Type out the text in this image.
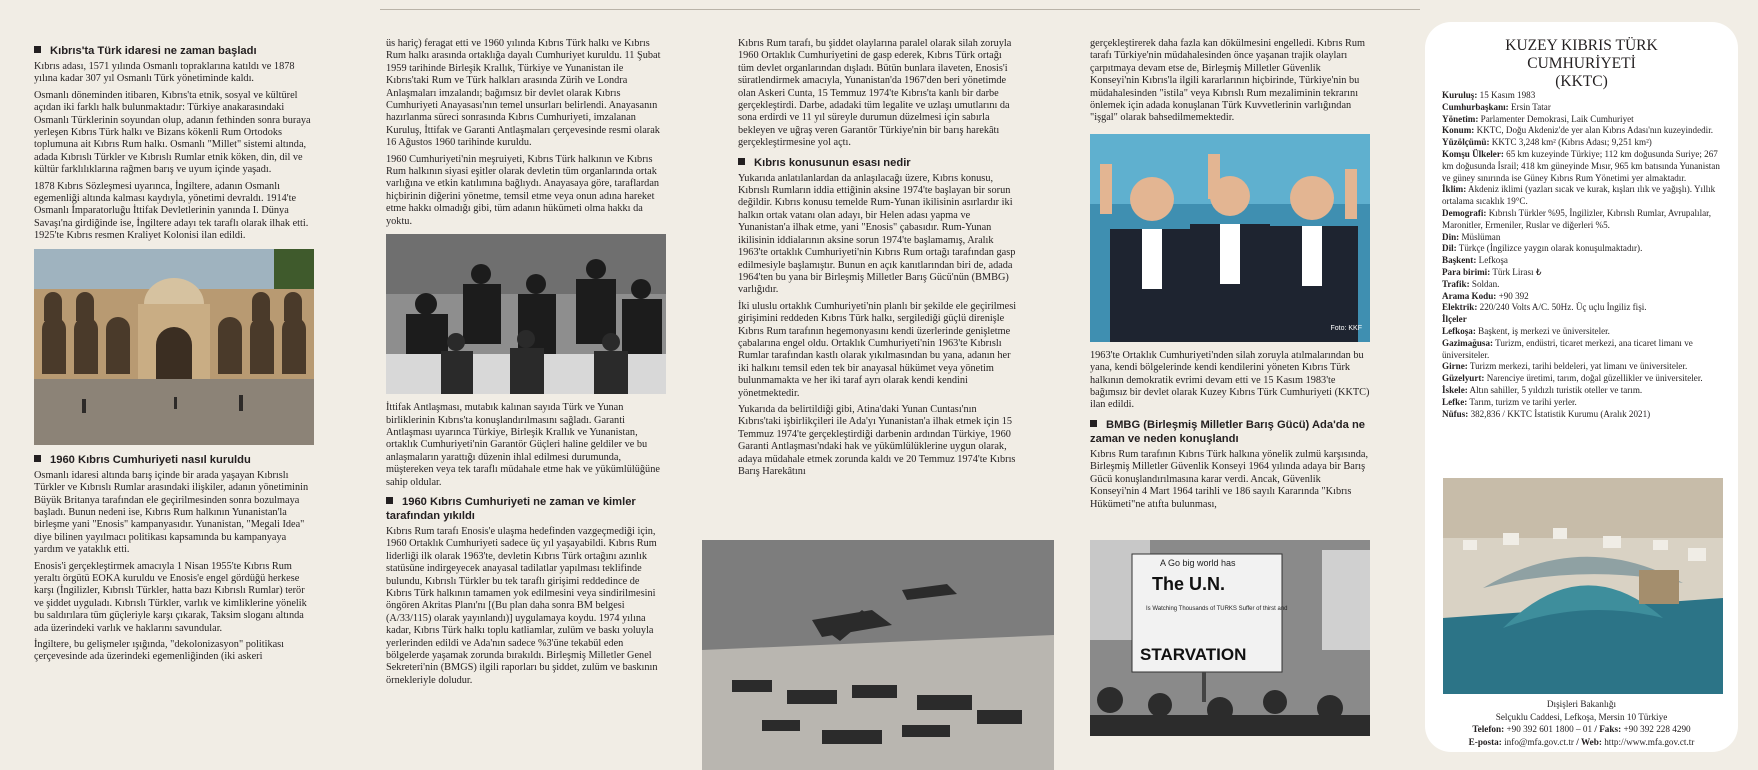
Kıbrıs'ta Türk idaresi ne zaman başladı

Kıbrıs adası, 1571 yılında Osmanlı topraklarına katıldı ve 1878 yılına kadar 307 yıl Osmanlı Türk yönetiminde kaldı.

Osmanlı döneminden itibaren, Kıbrıs'ta etnik, sosyal ve kültürel açıdan iki farklı halk bulunmaktadır: Türkiye anakarasındaki Osmanlı Türklerinin soyundan olup, adanın fethinden sonra buraya yerleşen Kıbrıs Türk halkı ve Bizans kökenli Rum Ortodoks toplumuna ait Kıbrıs Rum halkı. Osmanlı "Millet" sistemi altında, adada Kıbrıslı Türkler ve Kıbrıslı Rumlar etnik köken, din, dil ve kültür farklılıklarına rağmen barış ve uyum içinde yaşadı.

1878 Kıbrıs Sözleşmesi uyarınca, İngiltere, adanın Osmanlı egemenliği altında kalması kaydıyla, yönetimi devraldı. 1914'te Osmanlı İmparatorluğu İttifak Devletlerinin yanında I. Dünya Savaşı'na girdiğinde ise, İngiltere adayı tek taraflı olarak ilhak etti. 1925'te Kıbrıs resmen Kraliyet Kolonisi ilan edildi.

1960 Kıbrıs Cumhuriyeti nasıl kuruldu

Osmanlı idaresi altında barış içinde bir arada yaşayan Kıbrıslı Türkler ve Kıbrıslı Rumlar arasındaki ilişkiler, adanın yönetiminin Büyük Britanya tarafından ele geçirilmesinden sonra bozulmaya başladı. Bunun nedeni ise, Kıbrıs Rum halkının Yunanistan'la birleşme yani "Enosis" kampanyasıdır. Yunanistan, "Megali Idea" diye bilinen yayılmacı politikası kapsamında bu kampanyaya yardım ve yataklık etti.

Enosis'i gerçekleştirmek amacıyla 1 Nisan 1955'te Kıbrıs Rum yeraltı örgütü EOKA kuruldu ve Enosis'e engel gördüğü herkese karşı (İngilizler, Kıbrıslı Türkler, hatta bazı Kıbrıslı Rumlar) terör ve şiddet uyguladı. Kıbrıslı Türkler, varlık ve kimliklerine yönelik bu saldırılara tüm güçleriyle karşı çıkarak, Taksim sloganı altında ada üzerindeki varlık ve haklarını savundular.

İngiltere, bu gelişmeler ışığında, "dekolonizasyon" politikası çerçevesinde ada üzerindeki egemenliğinden (iki askeri

üs hariç) feragat etti ve 1960 yılında Kıbrıs Türk halkı ve Kıbrıs Rum halkı arasında ortaklığa dayalı Cumhuriyet kuruldu. 11 Şubat 1959 tarihinde Birleşik Krallık, Türkiye ve Yunanistan ile Kıbrıs'taki Rum ve Türk halkları arasında Zürih ve Londra Anlaşmaları imzalandı; bağımsız bir devlet olarak Kıbrıs Cumhuriyeti Anayasası'nın temel unsurları belirlendi. Anayasanın hazırlanma süreci sonrasında Kıbrıs Cumhuriyeti, imzalanan Kuruluş, İttifak ve Garanti Antlaşmaları çerçevesinde resmi olarak 16 Ağustos 1960 tarihinde kuruldu.

1960 Cumhuriyeti'nin meşruiyeti, Kıbrıs Türk halkının ve Kıbrıs Rum halkının siyasi eşitler olarak devletin tüm organlarında ortak varlığına ve etkin katılımına bağlıydı. Anayasaya göre, taraflardan hiçbirinin diğerini yönetme, temsil etme veya onun adına hareket etme hakkı olmadığı gibi, tüm adanın hükümeti olma hakkı da yoktu.

İttifak Antlaşması, mutabık kalınan sayıda Türk ve Yunan birliklerinin Kıbrıs'ta konuşlandırılmasını sağladı. Garanti Antlaşması uyarınca Türkiye, Birleşik Krallık ve Yunanistan, ortaklık Cumhuriyeti'nin Garantör Güçleri haline geldiler ve bu anlaşmaların yarattığı düzenin ihlal edilmesi durumunda, müştereken veya tek taraflı müdahale etme hak ve yükümlülüğüne sahip oldular.

1960 Kıbrıs Cumhuriyeti ne zaman ve kimler tarafından yıkıldı

Kıbrıs Rum tarafı Enosis'e ulaşma hedefinden vazgeçmediği için, 1960 Ortaklık Cumhuriyeti sadece üç yıl yaşayabildi. Kıbrıs Rum liderliği ilk olarak 1963'te, devletin Kıbrıs Türk ortağını azınlık statüsüne indirgeyecek anayasal tadilatlar yapılması teklifinde bulundu, Kıbrıslı Türkler bu tek taraflı girişimi reddedince de Kıbrıs Türk halkının tamamen yok edilmesini veya sindirilmesini öngören Akritas Planı'nı [(Bu plan daha sonra BM belgesi (A/33/115) olarak yayınlandı)] uygulamaya koydu. 1974 yılına kadar, Kıbrıs Türk halkı toplu katliamlar, zulüm ve baskı yoluyla yerlerinden edildi ve Ada'nın sadece %3'üne tekabül eden bölgelerde yaşamak zorunda bırakıldı. Birleşmiş Milletler Genel Sekreteri'nin (BMGS) ilgili raporları bu şiddet, zulüm ve baskının örnekleriyle doludur.

Kıbrıs Rum tarafı, bu şiddet olaylarına paralel olarak silah zoruyla 1960 Ortaklık Cumhuriyetini de gasp ederek, Kıbrıs Türk ortağı tüm devlet organlarından dışladı. Bütün bunlara ilaveten, Enosis'i süratlendirmek amacıyla, Yunanistan'da 1967'den beri yönetimde olan Askeri Cunta, 15 Temmuz 1974'te Kıbrıs'ta kanlı bir darbe gerçekleştirdi. Darbe, adadaki tüm legalite ve uzlaşı umutlarını da sona erdirdi ve 11 yıl süreyle durumun düzelmesi için sabırla bekleyen ve uğraş veren Garantör Türkiye'nin bir barış harekâtı gerçekleştirmesine yol açtı.

Kıbrıs konusunun esası nedir

Yukarıda anlatılanlardan da anlaşılacağı üzere, Kıbrıs konusu, Kıbrıslı Rumların iddia ettiğinin aksine 1974'te başlayan bir sorun değildir. Kıbrıs konusu temelde Rum-Yunan ikilisinin asırlardır iki halkın ortak vatanı olan adayı, bir Helen adası yapma ve Yunanistan'a ilhak etme, yani "Enosis" çabasıdır. Rum-Yunan ikilisinin iddialarının aksine sorun 1974'te başlamamış, Aralık 1963'te ortaklık Cumhuriyeti'nin Kıbrıs Rum ortağı tarafından gasp edilmesiyle başlamıştır. Bunun en açık kanıtlarından biri de, adada 1964'ten bu yana bir Birleşmiş Milletler Barış Gücü'nün (BMBG) varlığıdır.

İki uluslu ortaklık Cumhuriyeti'nin planlı bir şekilde ele geçirilmesi girişimini reddeden Kıbrıs Türk halkı, sergilediği güçlü direnişle Kıbrıs Rum tarafının hegemonyasını kendi üzerlerinde genişletme çabalarına engel oldu. Ortaklık Cumhuriyeti'nin 1963'te Kıbrıslı Rumlar tarafından kastlı olarak yıkılmasından bu yana, adanın her iki halkını temsil eden tek bir anayasal hükümet veya yönetim bulunmamakta ve her iki taraf ayrı olarak kendi kendini yönetmektedir.

Yukarıda da belirtildiği gibi, Atina'daki Yunan Cuntası'nın Kıbrıs'taki işbirlikçileri ile Ada'yı Yunanistan'a ilhak etmek için 15 Temmuz 1974'te gerçekleştirdiği darbenin ardından Türkiye, 1960 Garanti Antlaşması'ndaki hak ve yükümlülüklerine uygun olarak, adaya müdahale etmek zorunda kaldı ve 20 Temmuz 1974'te Kıbrıs Barış Harekâtını

gerçekleştirerek daha fazla kan dökülmesini engelledi. Kıbrıs Rum tarafı Türkiye'nin müdahalesinden önce yaşanan trajik olayları çarpıtmaya devam etse de, Birleşmiş Milletler Güvenlik Konseyi'nin Kıbrıs'la ilgili kararlarının hiçbirinde, Türkiye'nin bu müdahalesinden "istila" veya Kıbrıslı Rum mezaliminin tekrarını önlemek için adada konuşlanan Türk Kuvvetlerinin varlığından "işgal" olarak bahsedilmemektedir.

Foto: KKF

1963'te Ortaklık Cumhuriyeti'nden silah zoruyla atılmalarından bu yana, kendi bölgelerinde kendi kendilerini yöneten Kıbrıs Türk halkının demokratik evrimi devam etti ve 15 Kasım 1983'te bağımsız bir devlet olarak Kuzey Kıbrıs Türk Cumhuriyeti (KKTC) ilan edildi.

BMBG (Birleşmiş Milletler Barış Gücü) Ada'da ne zaman ve neden konuşlandı

Kıbrıs Rum tarafının Kıbrıs Türk halkına yönelik zulmü karşısında, Birleşmiş Milletler Güvenlik Konseyi 1964 yılında adaya bir Barış Gücü konuşlandırılmasına karar verdi. Ancak, Güvenlik Konseyi'nin 4 Mart 1964 tarihli ve 186 sayılı Kararında "Kıbrıs Hükümeti"ne atıfta bulunması,

A Go big world has
The U.N.
Is Watching Thousands of TURKS Suffer of thirst and
STARVATION
KUZEY KIBRIS TÜRK
CUMHURİYETİ
(KKTC)
Kuruluş: 15 Kasım 1983
Cumhurbaşkanı: Ersin Tatar
Yönetim: Parlamenter Demokrasi, Laik Cumhuriyet
Konum: KKTC, Doğu Akdeniz'de yer alan Kıbrıs Adası'nın kuzeyindedir.
Yüzölçümü: KKTC 3,248 km² (Kıbrıs Adası; 9,251 km²)
Komşu Ülkeler: 65 km kuzeyinde Türkiye; 112 km doğusunda Suriye; 267 km doğusunda İsrail; 418 km güneyinde Mısır, 965 km batısında Yunanistan ve güney sınırında ise Güney Kıbrıs Rum Yönetimi yer almaktadır.
İklim: Akdeniz iklimi (yazları sıcak ve kurak, kışları ılık ve yağışlı). Yıllık ortalama sıcaklık 19°C.
Demografi: Kıbrıslı Türkler %95, İngilizler, Kıbrıslı Rumlar, Avrupalılar, Maronitler, Ermeniler, Ruslar ve diğerleri %5.
Din: Müslüman
Dil: Türkçe (İngilizce yaygın olarak konuşulmaktadır).
Başkent: Lefkoşa
Para birimi: Türk Lirası ₺
Trafik: Soldan.
Arama Kodu: +90 392
Elektrik: 220/240 Volts A/C. 50Hz. Üç uçlu İngiliz fişi.
İlçeler
Lefkoşa: Başkent, iş merkezi ve üniversiteler.
Gazimağusa: Turizm, endüstri, ticaret merkezi, ana ticaret limanı ve üniversiteler.
Girne: Turizm merkezi, tarihi beldeleri, yat limanı ve üniversiteler.
Güzelyurt: Narenciye üretimi, tarım, doğal güzellikler ve üniversiteler.
İskele: Altın sahiller, 5 yıldızlı turistik oteller ve tarım.
Lefke: Tarım, turizm ve tarihi yerler.
Nüfus: 382,836 / KKTC İstatistik Kurumu (Aralık 2021)
Dışişleri Bakanlığı
Selçuklu Caddesi, Lefkoşa, Mersin 10 Türkiye
Telefon: +90 392 601 1800 – 01 / Faks: +90 392 228 4290
E-posta: info@mfa.gov.ct.tr / Web: http://www.mfa.gov.ct.tr
